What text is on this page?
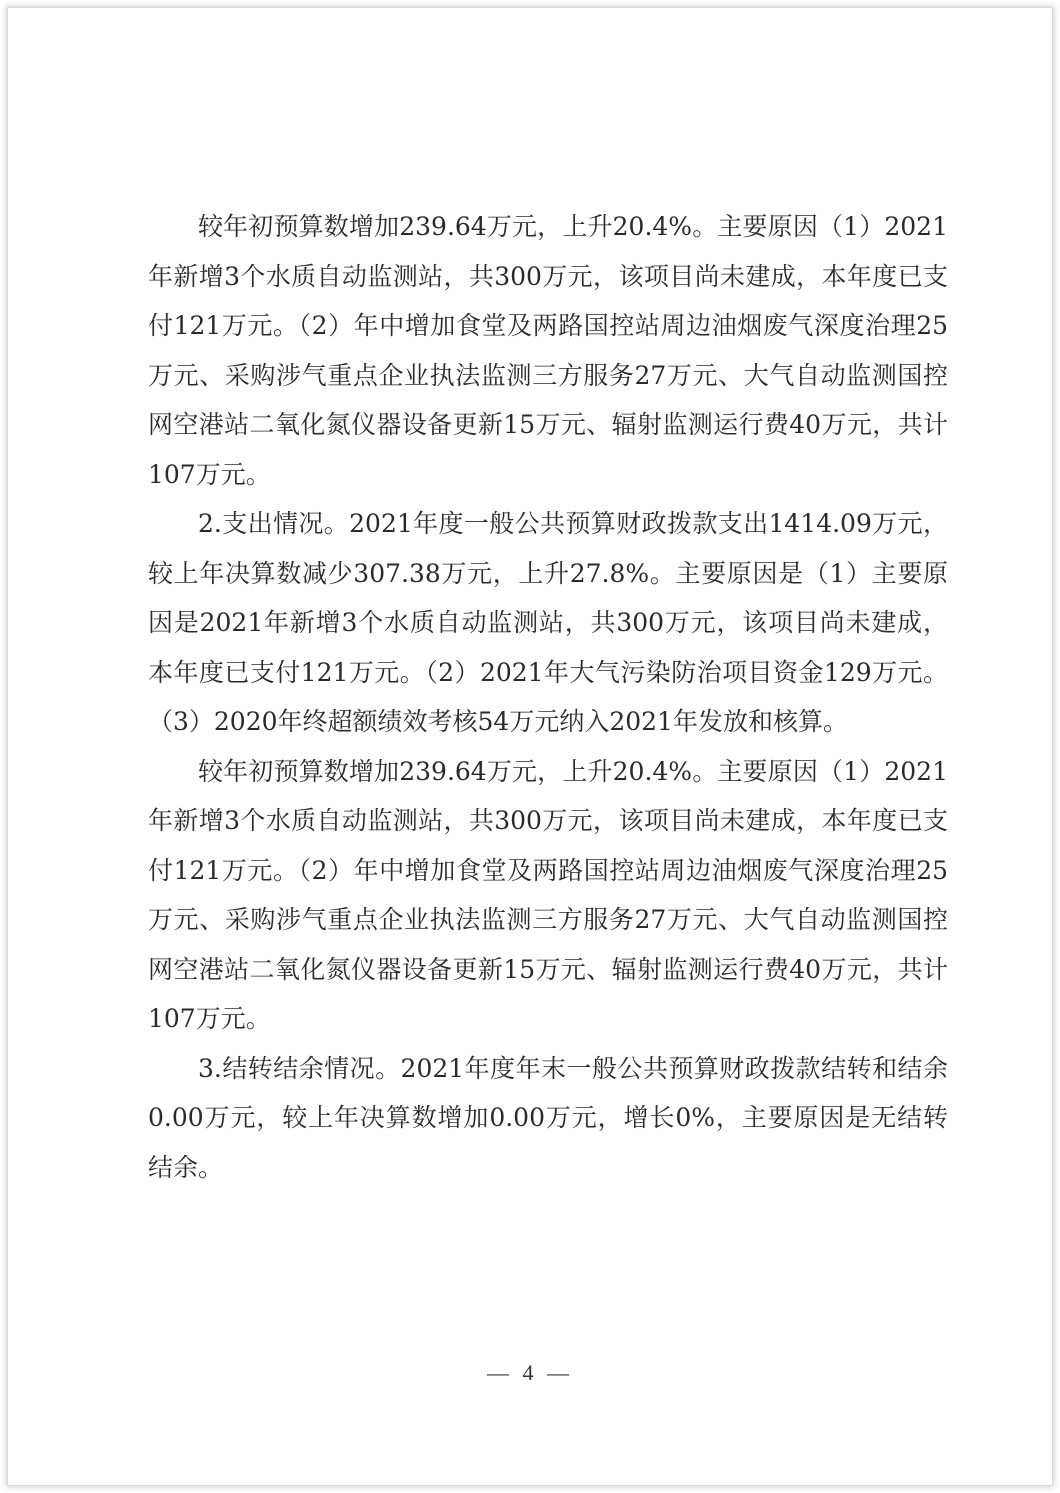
较年初预算数增加239.64万元，上升20.4%。主要原因（1）2021年新增3个水质自动监测站，共300万元，该项目尚未建成，本年度已支付121万元。（2）年中增加食堂及两路国控站周边油烟废气深度治理25万元、采购涉气重点企业执法监测三方服务27万元、大气自动监测国控网空港站二氧化氮仪器设备更新15万元、辐射监测运行费40万元，共计107万元。

2.支出情况。2021年度一般公共预算财政拨款支出1414.09万元，较上年决算数减少307.38万元，上升27.8%。主要原因是（1）主要原因是2021年新增3个水质自动监测站，共300万元，该项目尚未建成，本年度已支付121万元。（2）2021年大气污染防治项目资金129万元。（3）2020年终超额绩效考核54万元纳入2021年发放和核算。

较年初预算数增加239.64万元，上升20.4%。主要原因（1）2021年新增3个水质自动监测站，共300万元，该项目尚未建成，本年度已支付121万元。（2）年中增加食堂及两路国控站周边油烟废气深度治理25万元、采购涉气重点企业执法监测三方服务27万元、大气自动监测国控网空港站二氧化氮仪器设备更新15万元、辐射监测运行费40万元，共计107万元。

3.结转结余情况。2021年度年末一般公共预算财政拨款结转和结余0.00万元，较上年决算数增加0.00万元，增长0%，主要原因是无结转结余。

— 4 —
